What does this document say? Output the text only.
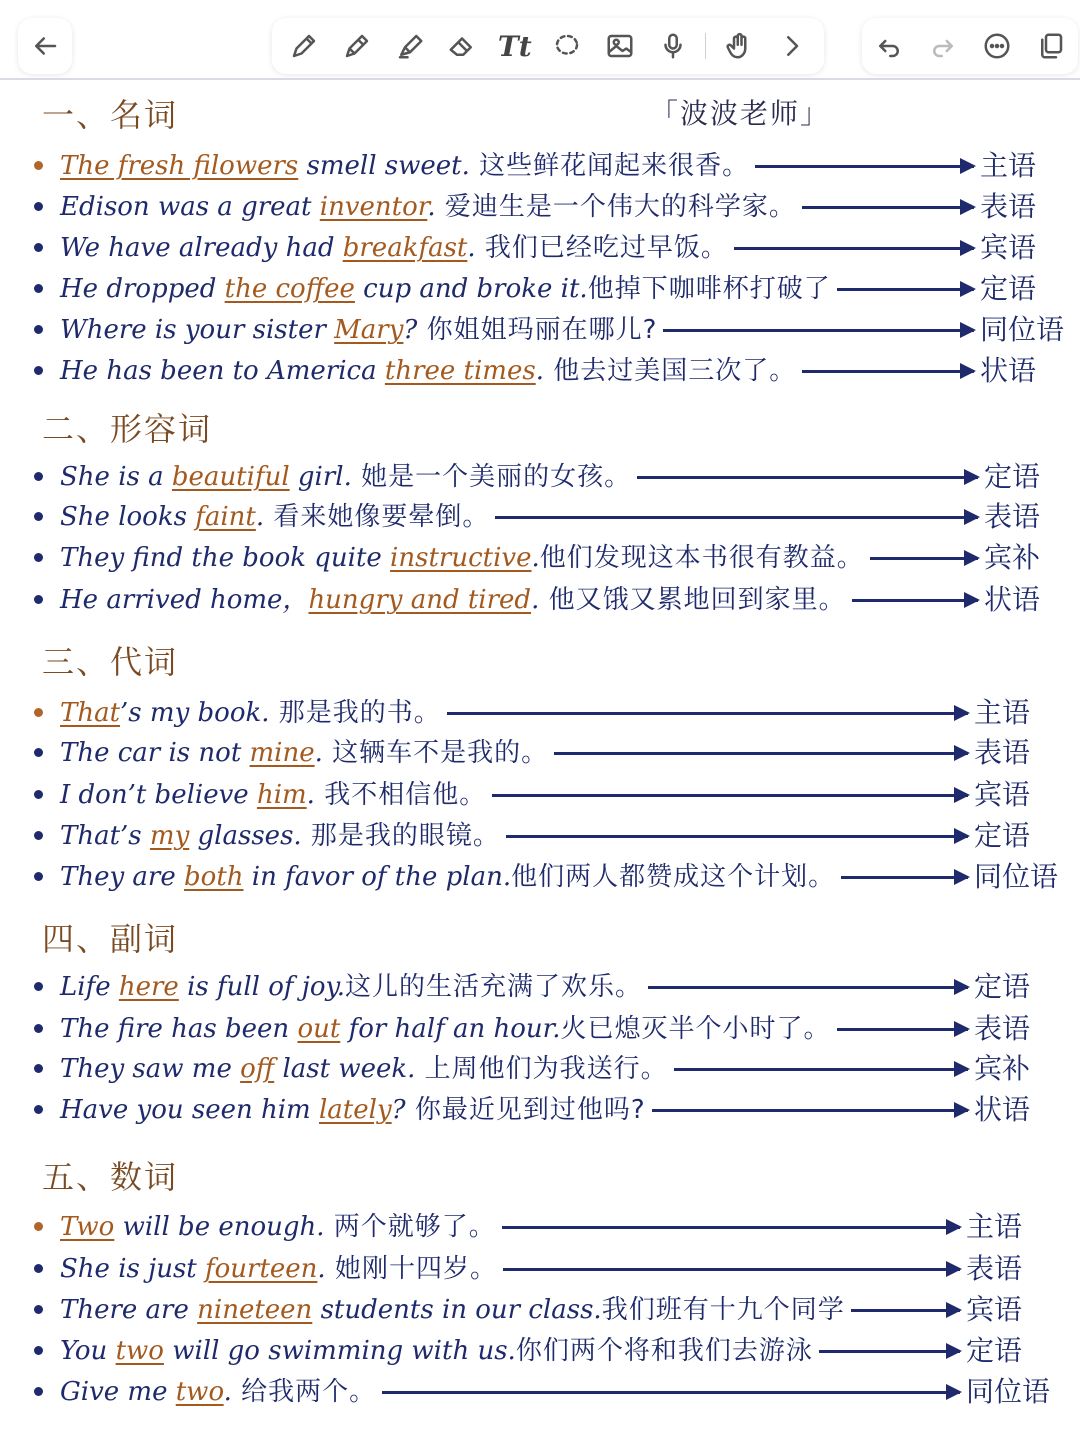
Tt
「波波老师」
一、名词
The fresh filowers smell sweet. 这些鲜花闻起来很香。	主语
Edison was a great inventor. 爱迪生是一个伟大的科学家。	表语
We have already had breakfast. 我们已经吃过早饭。	宾语
He dropped the coffee cup and broke it.他掉下咖啡杯打破了	定语
Where is your sister Mary? 你姐姐玛丽在哪儿?	同位语
He has been to America three times. 他去过美国三次了。	状语
二、形容词
She is a beautiful girl. 她是一个美丽的女孩。	定语
She looks faint. 看来她像要晕倒。	表语
They find the book quite instructive.他们发现这本书很有教益。	宾补
He arrived home，hungry and tired. 他又饿又累地回到家里。	状语
三、代词
That’s my book. 那是我的书。	主语
The car is not mine. 这辆车不是我的。	表语
I don’t believe him. 我不相信他。	宾语
That’s my glasses. 那是我的眼镜。	定语
They are both in favor of the plan.他们两人都赞成这个计划。	同位语
四、副词
Life here is full of joy.这儿的生活充满了欢乐。	定语
The fire has been out for half an hour.火已熄灭半个小时了。	表语
They saw me off last week. 上周他们为我送行。	宾补
Have you seen him lately? 你最近见到过他吗?	状语
五、数词
Two will be enough. 两个就够了。	主语
She is just fourteen. 她刚十四岁。	表语
There are nineteen students in our class.我们班有十九个同学	宾语
You two will go swimming with us.你们两个将和我们去游泳	定语
Give me two. 给我两个。	同位语
